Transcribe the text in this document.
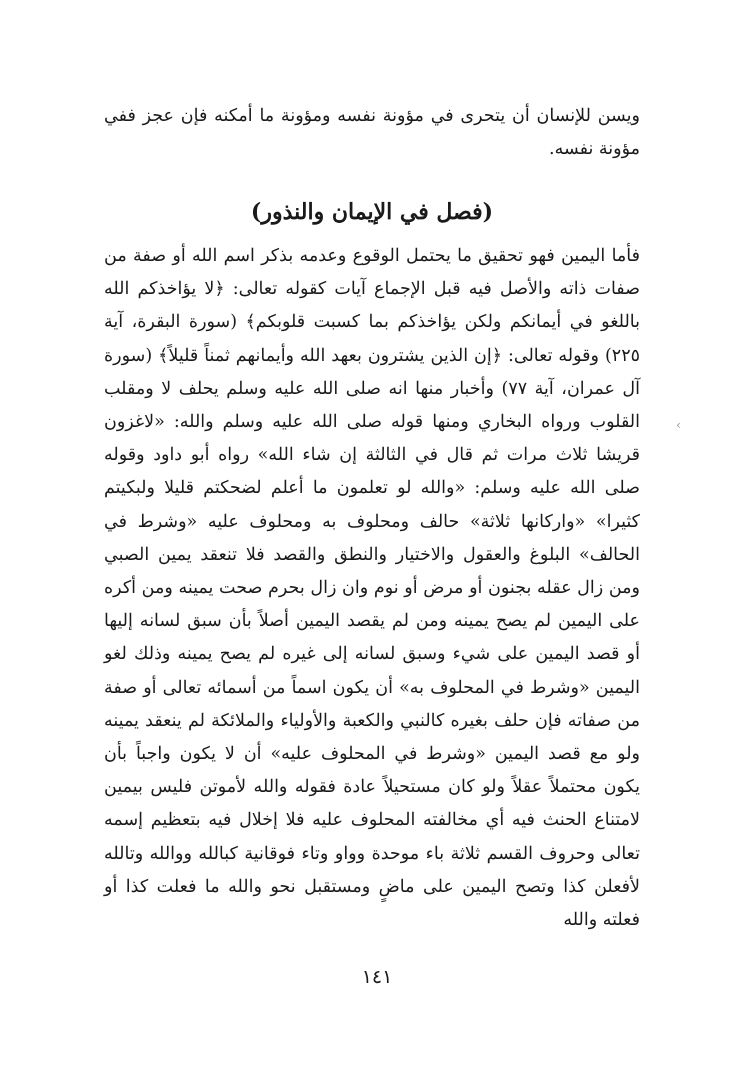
ويسن للإنسان أن يتحرى في مؤونة نفسه ومؤونة ما أمكنه فإن عجز ففي مؤونة نفسه.

(فصل في الإيمان والنذور)

فأما اليمين فهو تحقيق ما يحتمل الوقوع وعدمه بذكر اسم الله أو صفة من صفات ذاته والأصل فيه قبل الإجماع آيات كقوله تعالى: ﴿لا يؤاخذكم الله باللغو في أيمانكم ولكن يؤاخذكم بما كسبت قلوبكم﴾ (سورة البقرة، آية ٢٢٥) وقوله تعالى: ﴿إن الذين يشترون بعهد الله وأيمانهم ثمناً قليلاً﴾ (سورة آل عمران، آية ٧٧) وأخبار منها انه صلى الله عليه وسلم يحلف لا ومقلب القلوب ورواه البخاري ومنها قوله صلى الله عليه وسلم والله: «لاغزون قريشا ثلاث مرات ثم قال في الثالثة إن شاء الله» رواه أبو داود وقوله صلى الله عليه وسلم: «والله لو تعلمون ما أعلم لضحكتم قليلا ولبكيتم كثيرا» «واركانها ثلاثة» حالف ومحلوف به ومحلوف عليه «وشرط في الحالف» البلوغ والعقول والاختيار والنطق والقصد فلا تنعقد يمين الصبي ومن زال عقله بجنون أو مرض أو نوم وان زال بحرم صحت يمينه ومن أكره على اليمين لم يصح يمينه ومن لم يقصد اليمين أصلاً بأن سبق لسانه إليها أو قصد اليمين على شيء وسبق لسانه إلى غيره لم يصح يمينه وذلك لغو اليمين «وشرط في المحلوف به» أن يكون اسماً من أسمائه تعالى أو صفة من صفاته فإن حلف بغيره كالنبي والكعبة والأولياء والملائكة لم ينعقد يمينه ولو مع قصد اليمين «وشرط في المحلوف عليه» أن لا يكون واجباً بأن يكون محتملاً عقلاً ولو كان مستحيلاً عادة فقوله والله لأموتن فليس بيمين لامتناع الحنث فيه أي مخالفته المحلوف عليه فلا إخلال فيه بتعظيم إسمه تعالى وحروف القسم ثلاثة باء موحدة وواو وتاء فوقانية كبالله ووالله وتالله لأفعلن كذا وتصح اليمين على ماضٍ ومستقبل نحو والله ما فعلت كذا أو فعلته والله

‹
١٤١
